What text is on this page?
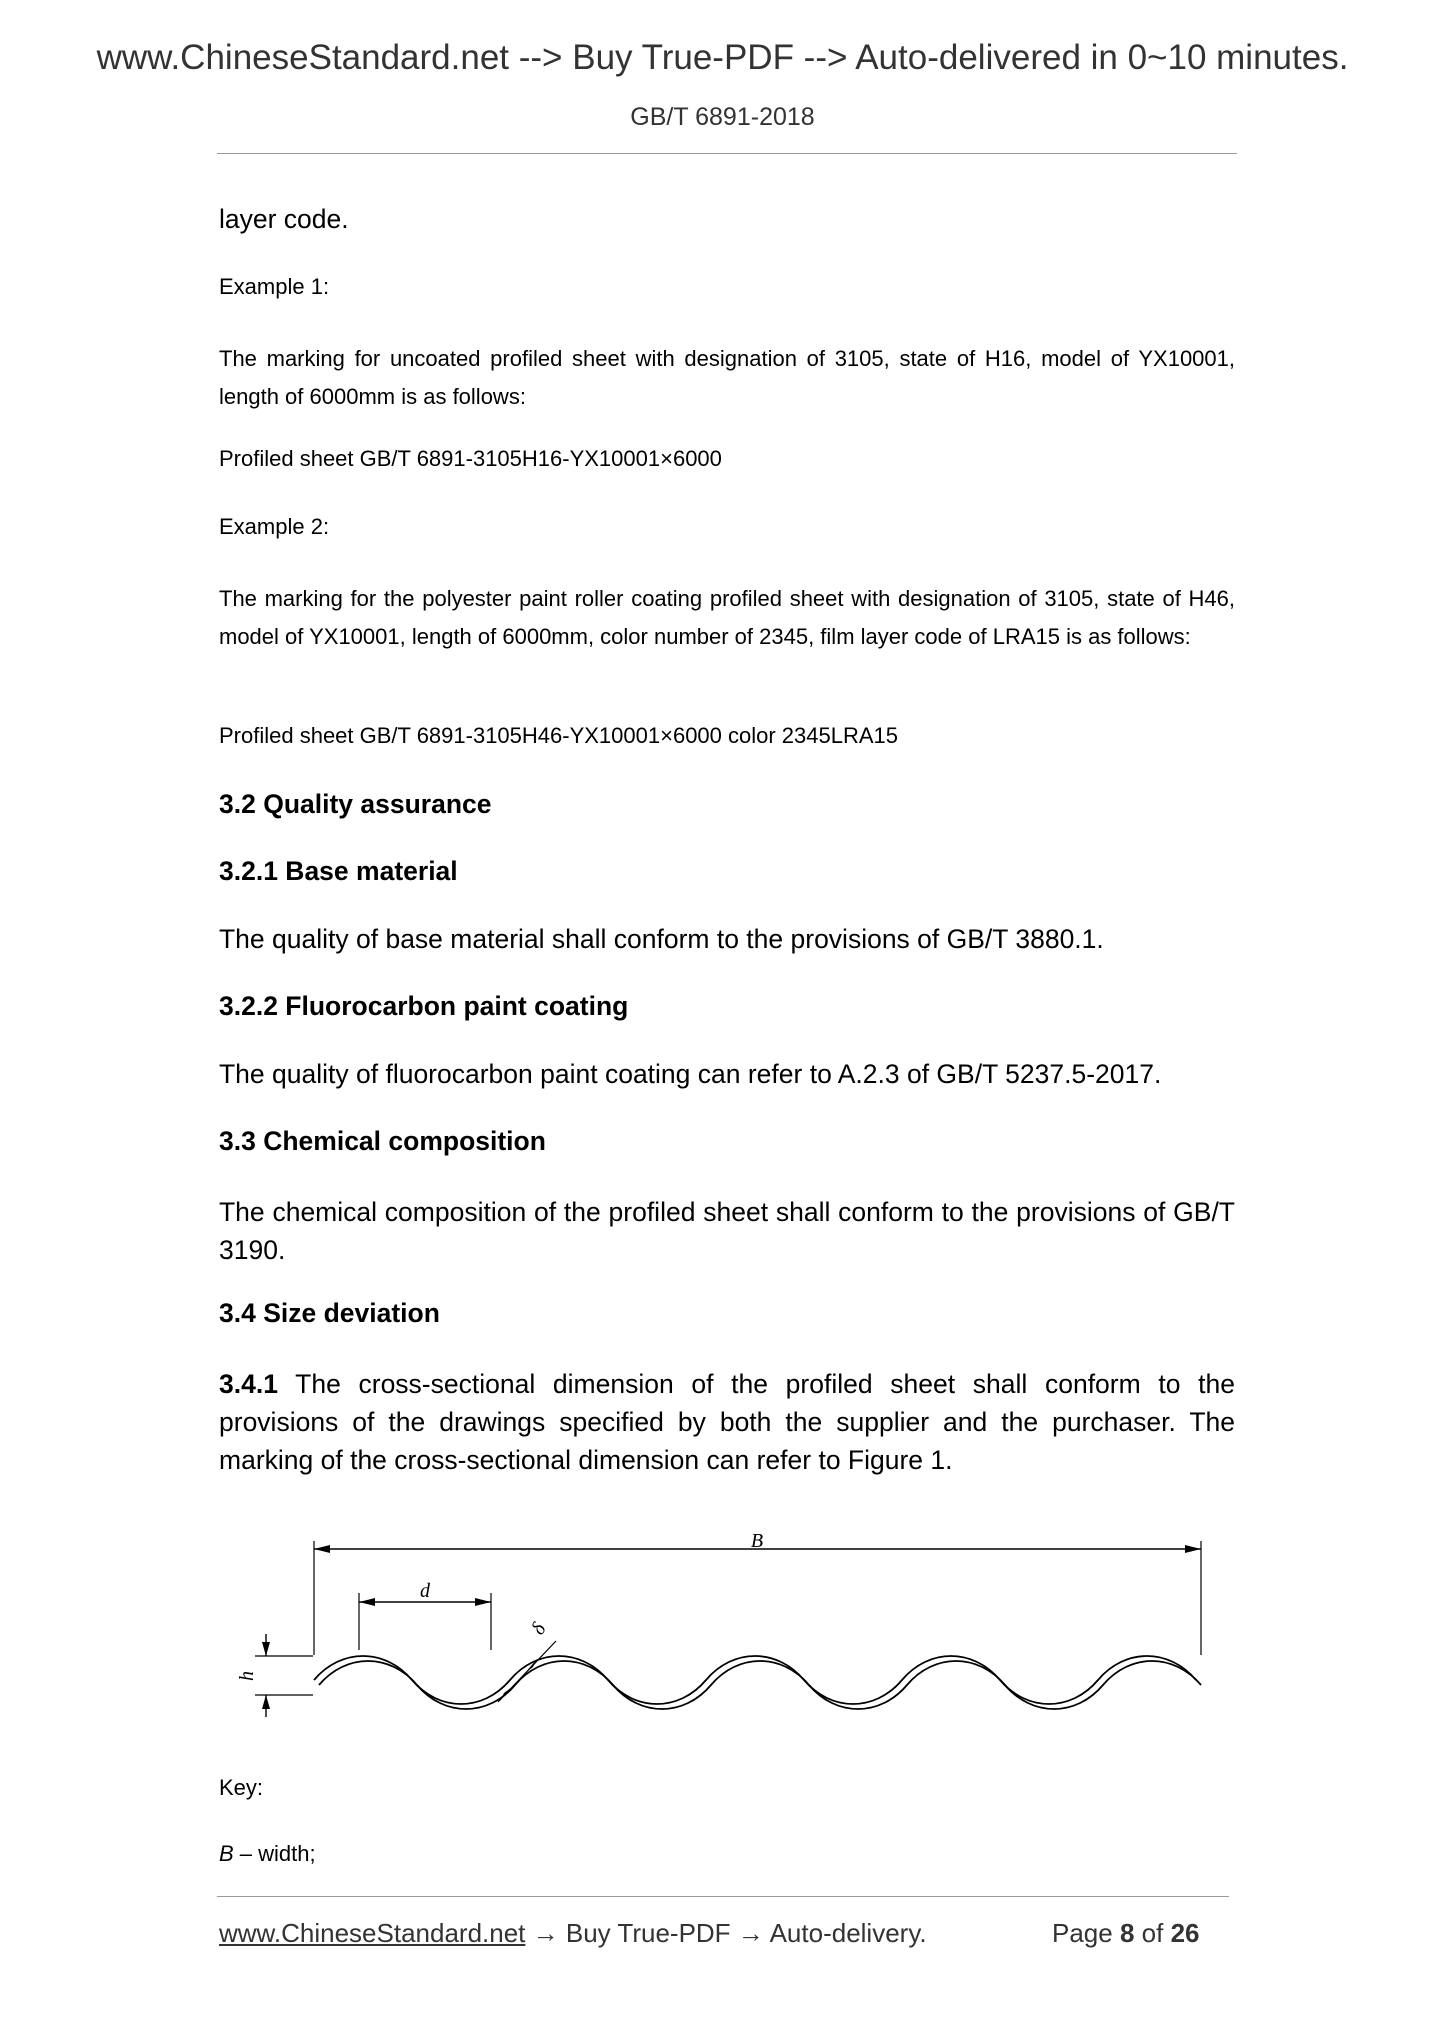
www.ChineseStandard.net --> Buy True-PDF --> Auto-delivered in 0~10 minutes.
GB/T 6891-2018
layer code.
Example 1:
The marking for uncoated profiled sheet with designation of 3105, state of H16, model of YX10001, length of 6000mm is as follows:
Profiled sheet GB/T 6891-3105H16-YX10001×6000
Example 2:
The marking for the polyester paint roller coating profiled sheet with designation of 3105, state of H46, model of YX10001, length of 6000mm, color number of 2345, film layer code of LRA15 is as follows:
Profiled sheet GB/T 6891-3105H46-YX10001×6000 color 2345LRA15
3.2 Quality assurance
3.2.1 Base material
The quality of base material shall conform to the provisions of GB/T 3880.1.
3.2.2 Fluorocarbon paint coating
The quality of fluorocarbon paint coating can refer to A.2.3 of GB/T 5237.5-2017.
3.3 Chemical composition
The chemical composition of the profiled sheet shall conform to the provisions of GB/T 3190.
3.4 Size deviation
3.4.1 The cross-sectional dimension of the profiled sheet shall conform to the provisions of the drawings specified by both the supplier and the purchaser. The marking of the cross-sectional dimension can refer to Figure 1.
B
d
h
δ
Key:
B – width;
www.ChineseStandard.net → Buy True-PDF → Auto-delivery.	Page 8 of 26
